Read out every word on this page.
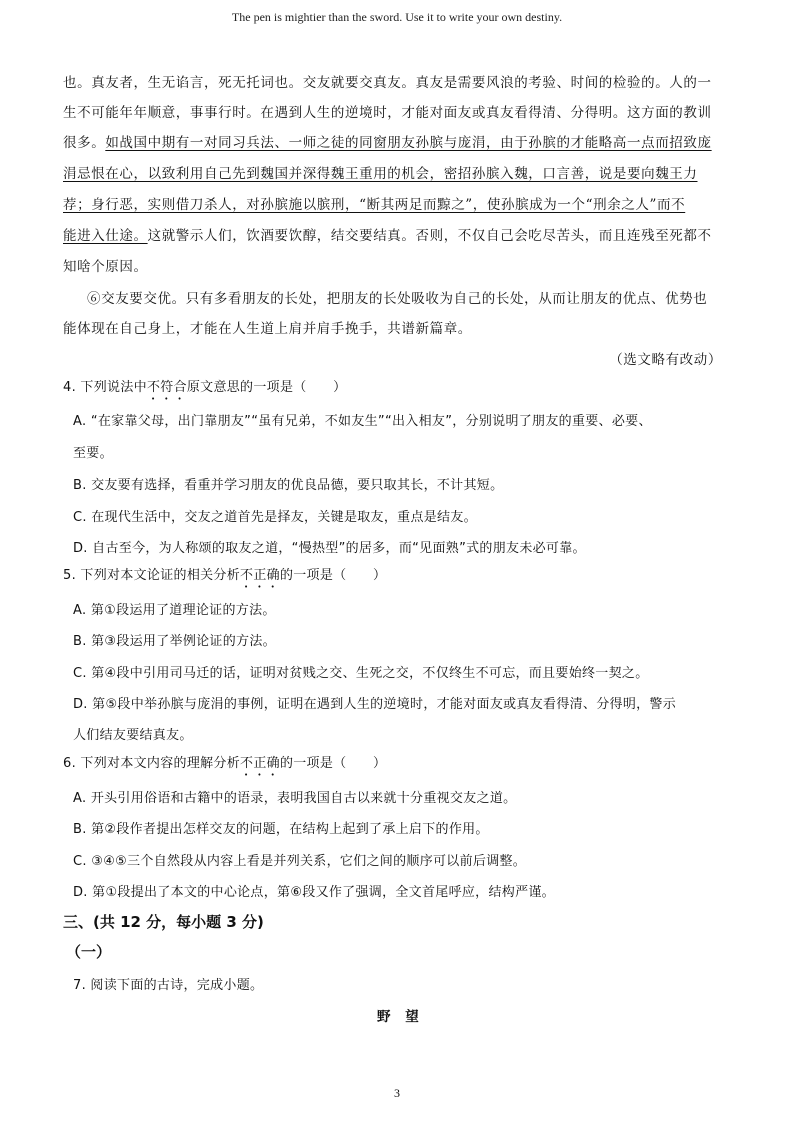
The pen is mightier than the sword. Use it to write your own destiny.
也。真友者，生无谄言，死无托词也。交友就要交真友。真友是需要风浪的考验、时间的检验的。人的一
生不可能年年顺意，事事行时。在遇到人生的逆境时，才能对面友或真友看得清、分得明。这方面的教训
很多。如战国中期有一对同习兵法、一师之徒的同窗朋友孙膑与庞涓，由于孙膑的才能略高一点而招致庞
涓忌恨在心，以致利用自己先到魏国并深得魏王重用的机会，密招孙膑入魏，口言善，说是要向魏王力
荐；身行恶，实则借刀杀人，对孙膑施以膑刑，“断其两足而黥之”，使孙膑成为一个“刑余之人”而不
能进入仕途。这就警示人们，饮酒要饮醇，结交要结真。否则，不仅自己会吃尽苦头，而且连残至死都不
知啥个原因。
⑥交友要交优。只有多看朋友的长处，把朋友的长处吸收为自己的长处，从而让朋友的优点、优势也
能体现在自己身上，才能在人生道上肩并肩手挽手，共谱新篇章。
（选文略有改动）
4. 下列说法中不符合原文意思的一项是（　　）
A. “在家靠父母，出门靠朋友”“虽有兄弟，不如友生”“出入相友”，分别说明了朋友的重要、必要、
至要。
B. 交友要有选择，看重并学习朋友的优良品德，要只取其长，不计其短。
C. 在现代生活中，交友之道首先是择友，关键是取友，重点是结友。
D. 自古至今，为人称颂的取友之道，“慢热型”的居多，而“见面熟”式的朋友未必可靠。
5. 下列对本文论证的相关分析不正确的一项是（　　）
A. 第①段运用了道理论证的方法。
B. 第③段运用了举例论证的方法。
C. 第④段中引用司马迁的话，证明对贫贱之交、生死之交，不仅终生不可忘，而且要始终一契之。
D. 第⑤段中举孙膑与庞涓的事例，证明在遇到人生的逆境时，才能对面友或真友看得清、分得明，警示
人们结友要结真友。
6. 下列对本文内容的理解分析不正确的一项是（　　）
A. 开头引用俗语和古籍中的语录，表明我国自古以来就十分重视交友之道。
B. 第②段作者提出怎样交友的问题，在结构上起到了承上启下的作用。
C. ③④⑤三个自然段从内容上看是并列关系，它们之间的顺序可以前后调整。
D. 第①段提出了本文的中心论点，第⑥段又作了强调，全文首尾呼应，结构严谨。
三、(共 12 分，每小题 3 分)
（一）
7. 阅读下面的古诗，完成小题。
野　望
3
